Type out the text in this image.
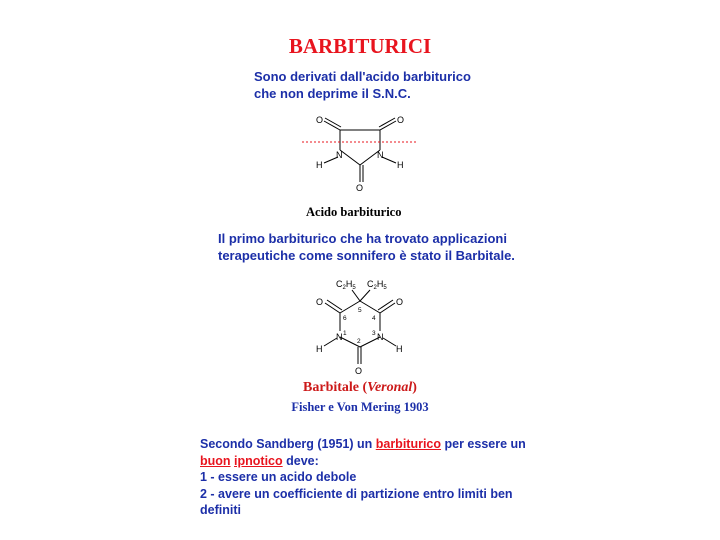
BARBITURICI
Sono derivati dall'acido barbiturico
che non deprime il S.N.C.
O	O
N	N
H	H
O
Acido barbiturico
Il primo barbiturico che ha trovato applicazioni
terapeutiche come sonnifero è stato il Barbitale.
$C_2H_5$ $C_2H_5$
O	O
N	N
H	H
O
5
4
6
1	3
2
Barbitale (Veronal)
Fisher e Von Mering 1903
Secondo Sandberg (1951) un barbiturico per essere un
buon ipnotico deve:
1 - essere un acido debole
2 - avere un coefficiente di partizione entro limiti ben
definiti
